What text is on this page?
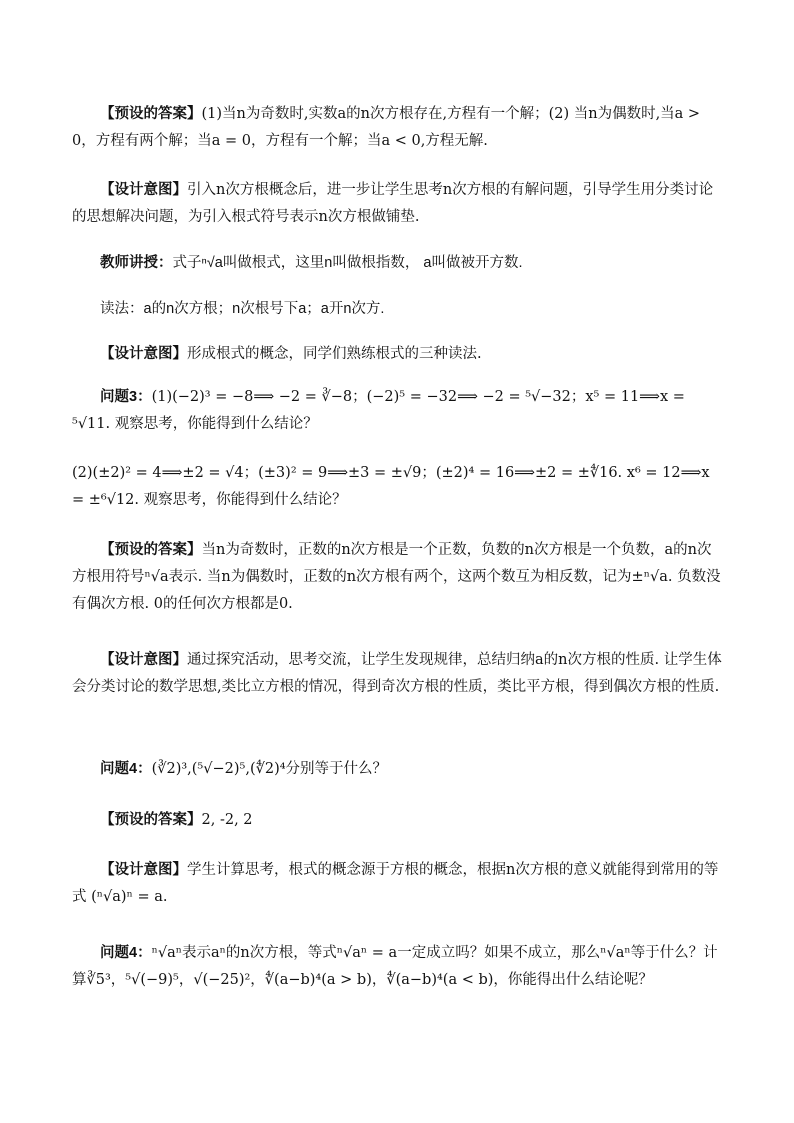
【预设的答案】(1)当n为奇数时,实数a的n次方根存在,方程有一个解；(2) 当n为偶数时,当a > 0，方程有两个解；当a = 0，方程有一个解；当a < 0,方程无解.
【设计意图】引入n次方根概念后，进一步让学生思考n次方根的有解问题，引导学生用分类讨论的思想解决问题，为引入根式符号表示n次方根做铺垫.
教师讲授：式子ⁿ√a叫做根式，这里n叫做根指数， a叫做被开方数.
读法：a的n次方根；n次根号下a；a开n次方.
【设计意图】形成根式的概念，同学们熟练根式的三种读法.
问题3：(1)(−2)³ = −8⟹ −2 = ∛−8；(−2)⁵ = −32⟹ −2 = ⁵√−32；x⁵ = 11⟹x = ⁵√11. 观察思考，你能得到什么结论？
(2)(±2)² = 4⟹±2 = √4；(±3)² = 9⟹±3 = ±√9；(±2)⁴ = 16⟹±2 = ±∜16. x⁶ = 12⟹x = ±⁶√12. 观察思考，你能得到什么结论？
【预设的答案】当n为奇数时，正数的n次方根是一个正数，负数的n次方根是一个负数，a的n次方根用符号ⁿ√a表示. 当n为偶数时，正数的n次方根有两个，这两个数互为相反数，记为±ⁿ√a. 负数没有偶次方根. 0的任何次方根都是0.
【设计意图】通过探究活动，思考交流，让学生发现规律，总结归纳a的n次方根的性质. 让学生体会分类讨论的数学思想,类比立方根的情况，得到奇次方根的性质，类比平方根，得到偶次方根的性质.
问题4：(∛2)³,(⁵√−2)⁵,(∜2)⁴分别等于什么？
【预设的答案】2, -2, 2
【设计意图】学生计算思考，根式的概念源于方根的概念，根据n次方根的意义就能得到常用的等式 (ⁿ√a)ⁿ = a.
问题4：ⁿ√aⁿ表示aⁿ的n次方根，等式ⁿ√aⁿ = a一定成立吗？如果不成立，那么ⁿ√aⁿ等于什么？计算∛5³，⁵√(−9)⁵，√(−25)²，∜(a−b)⁴(a > b)，∜(a−b)⁴(a < b)，你能得出什么结论呢？
